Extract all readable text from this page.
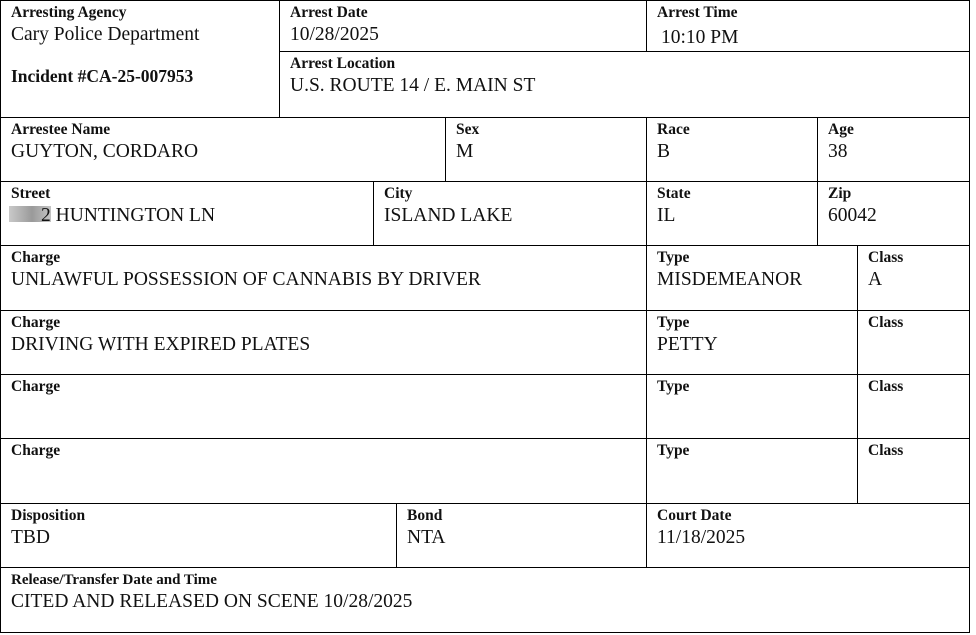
Arresting Agency
Cary Police Department
Incident #CA-25-007953
Arrest Date
10/28/2025
Arrest Time
10:10 PM
Arrest Location
U.S. ROUTE 14 / E. MAIN ST
Arrestee Name
GUYTON, CORDARO
Sex
M
Race
B
Age
38
Street
2 HUNTINGTON LN
City
ISLAND LAKE
State
IL
Zip
60042
Charge
UNLAWFUL POSSESSION OF CANNABIS BY DRIVER
Type
MISDEMEANOR
Class
A
Charge
DRIVING WITH EXPIRED PLATES
Type
PETTY
Class
Charge	Type	Class
Charge	Type	Class
Disposition
TBD
Bond
NTA
Court Date
11/18/2025
Release/Transfer Date and Time
CITED AND RELEASED ON SCENE 10/28/2025
